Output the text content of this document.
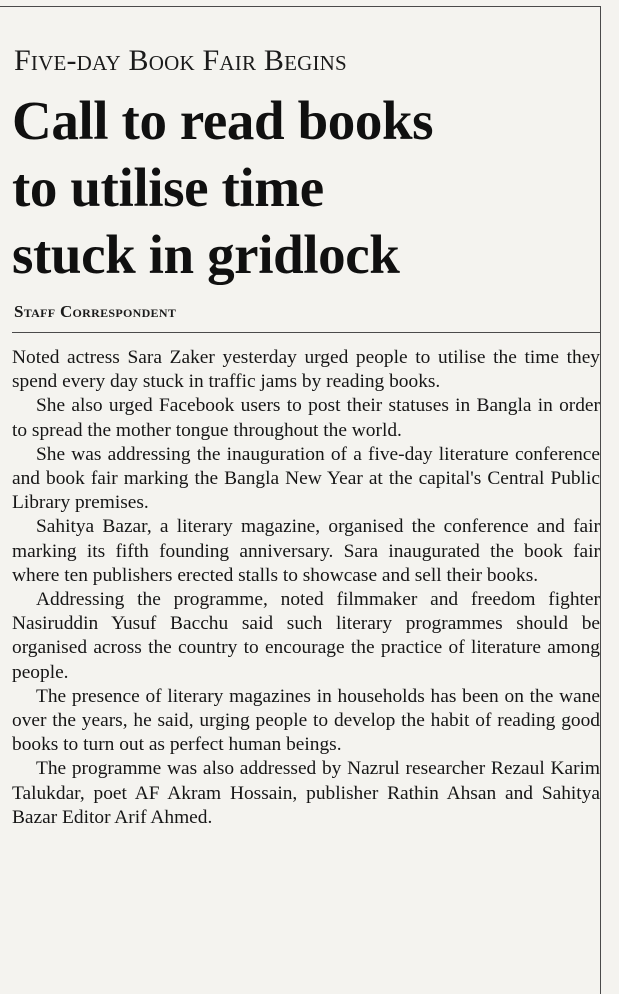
Five-day Book Fair Begins
Call to read books
to utilise time
stuck in gridlock
Staff Correspondent

Noted actress Sara Zaker yesterday urged people to utilise the time they spend every day stuck in traffic jams by reading books.

She also urged Facebook users to post their statuses in Bangla in order to spread the mother tongue throughout the world.

She was addressing the inauguration of a five-day literature conference and book fair marking the Bangla New Year at the capital's Central Public Library premises.

Sahitya Bazar, a literary magazine, organised the conference and fair marking its fifth founding anniversary. Sara inaugurated the book fair where ten publishers erected stalls to showcase and sell their books.

Addressing the programme, noted filmmaker and freedom fighter Nasiruddin Yusuf Bacchu said such literary programmes should be organised across the country to encourage the practice of literature among people.

The presence of literary magazines in households has been on the wane over the years, he said, urging people to develop the habit of reading good books to turn out as perfect human beings.

The programme was also addressed by Nazrul researcher Rezaul Karim Talukdar, poet AF Akram Hossain, publisher Rathin Ahsan and Sahitya Bazar Editor Arif Ahmed.
